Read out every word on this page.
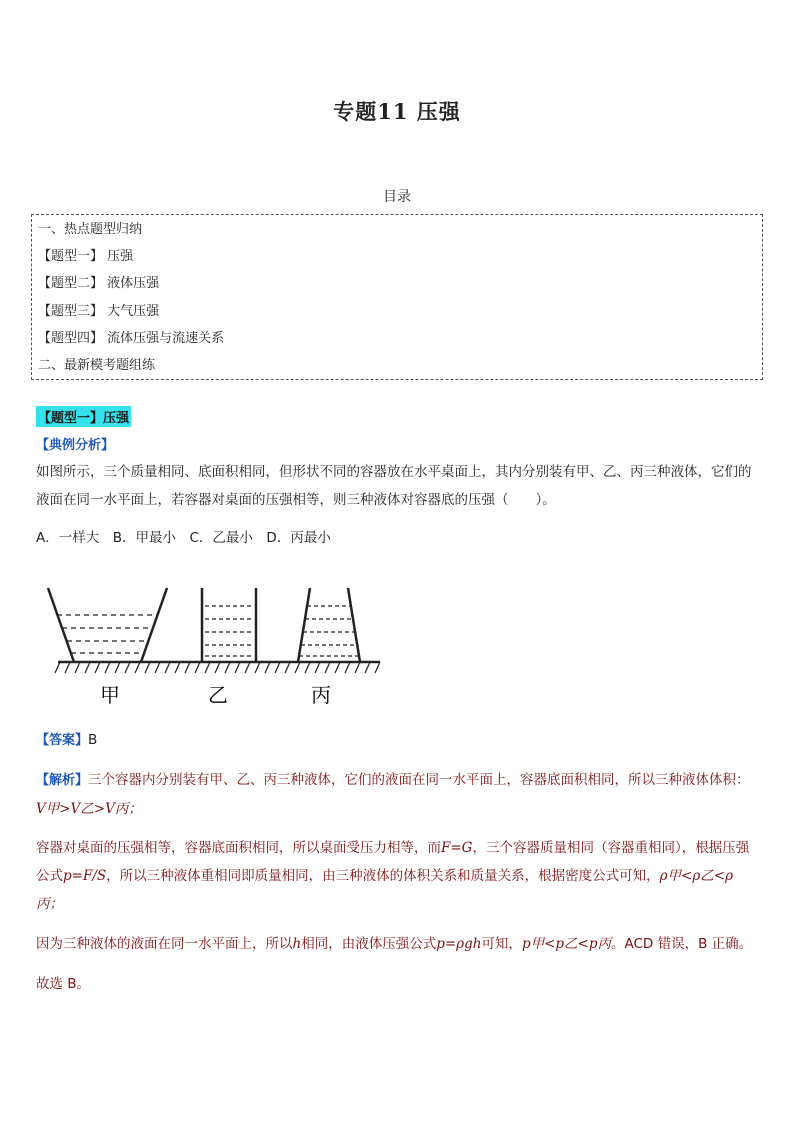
专题11 压强
目录
一、热点题型归纳
【题型一】 压强
【题型二】 液体压强
【题型三】 大气压强
【题型四】 流体压强与流速关系
二、最新模考题组练
【题型一】压强
【典例分析】
如图所示，三个质量相同、底面积相同，但形状不同的容器放在水平桌面上，其内分别装有甲、乙、丙三种液体，它们的液面在同一水平面上，若容器对桌面的压强相等，则三种液体对容器底的压强（　　）。
A．一样大　B．甲最小　C．乙最小　D．丙最小
甲	乙	丙
【答案】B
【解析】三个容器内分别装有甲、乙、丙三种液体，它们的液面在同一水平面上，容器底面积相同，所以三种液体体积：V甲>V乙>V丙；
容器对桌面的压强相等，容器底面积相同，所以桌面受压力相等，而F=G，三个容器质量相同（容器重相同），根据压强公式p=F/S，所以三种液体重相同即质量相同，由三种液体的体积关系和质量关系，根据密度公式可知，ρ甲<ρ乙<ρ丙；
因为三种液体的液面在同一水平面上，所以h相同，由液体压强公式p=ρgh可知，p甲<p乙<p丙。ACD 错误，B 正确。
故选 B。
